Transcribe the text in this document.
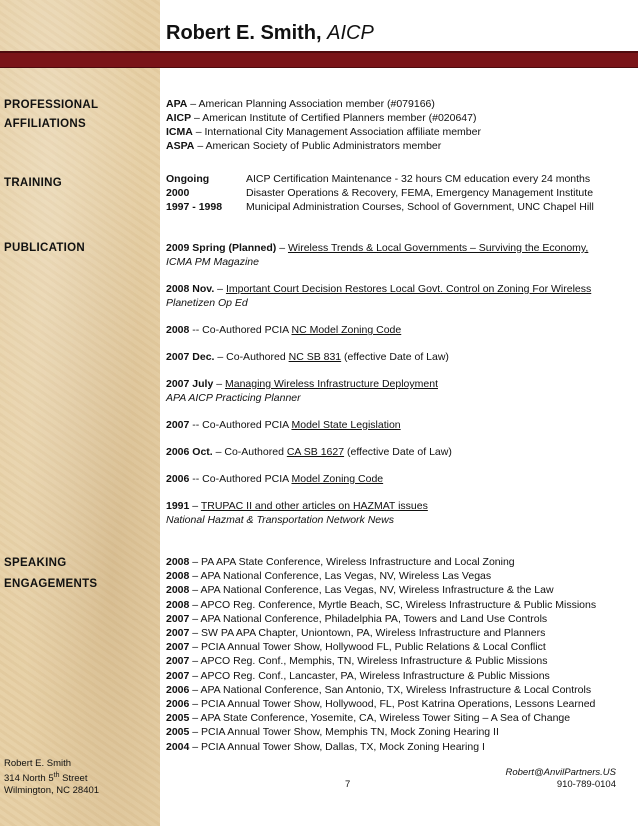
Robert E. Smith, AICP
PROFESSIONAL
AFFILIATIONS
APA – American Planning Association member (#079166)
AICP – American Institute of Certified Planners member (#020647)
ICMA – International City Management Association affiliate member
ASPA – American Society of Public Administrators member
TRAINING	Ongoing	AICP Certification Maintenance - 32 hours CM education every 24 months
2000	Disaster Operations & Recovery, FEMA, Emergency Management Institute
1997 - 1998	Municipal Administration Courses, School of Government, UNC Chapel Hill
PUBLICATION	2009 Spring (Planned) – Wireless Trends & Local Governments – Surviving the Economy,
ICMA PM Magazine
2008 Nov. – Important Court Decision Restores Local Govt. Control on Zoning For Wireless
Planetizen Op Ed
2008 -- Co-Authored PCIA NC Model Zoning Code
2007 Dec. – Co-Authored NC SB 831 (effective Date of Law)
2007 July – Managing Wireless Infrastructure Deployment
APA AICP Practicing Planner
2007 -- Co-Authored PCIA Model State Legislation
2006 Oct. – Co-Authored CA SB 1627 (effective Date of Law)
2006 -- Co-Authored PCIA Model Zoning Code
1991 – TRUPAC II and other articles on HAZMAT issues
National Hazmat & Transportation Network News
SPEAKING
ENGAGEMENTS
2008 – PA APA State Conference, Wireless Infrastructure and Local Zoning
2008 – APA National Conference, Las Vegas, NV, Wireless Las Vegas
2008 – APA National Conference, Las Vegas, NV, Wireless Infrastructure & the Law
2008 – APCO Reg. Conference, Myrtle Beach, SC, Wireless Infrastructure & Public Missions
2007 – APA National Conference, Philadelphia PA, Towers and Land Use Controls
2007 – SW PA APA Chapter, Uniontown, PA, Wireless Infrastructure and Planners
2007 – PCIA Annual Tower Show, Hollywood FL, Public Relations & Local Conflict
2007 – APCO Reg. Conf., Memphis, TN, Wireless Infrastructure & Public Missions
2007 – APCO Reg. Conf., Lancaster, PA, Wireless Infrastructure & Public Missions
2006 – APA National Conference, San Antonio, TX, Wireless Infrastructure & Local Controls
2006 – PCIA Annual Tower Show, Hollywood, FL, Post Katrina Operations, Lessons Learned
2005 – APA State Conference, Yosemite, CA, Wireless Tower Siting – A Sea of Change
2005 – PCIA Annual Tower Show, Memphis TN, Mock Zoning Hearing II
2004 – PCIA Annual Tower Show, Dallas, TX, Mock Zoning Hearing I
Robert E. Smith
314 North 5th Street
Wilmington, NC 28401
7
Robert@AnvilPartners.US
910-789-0104
